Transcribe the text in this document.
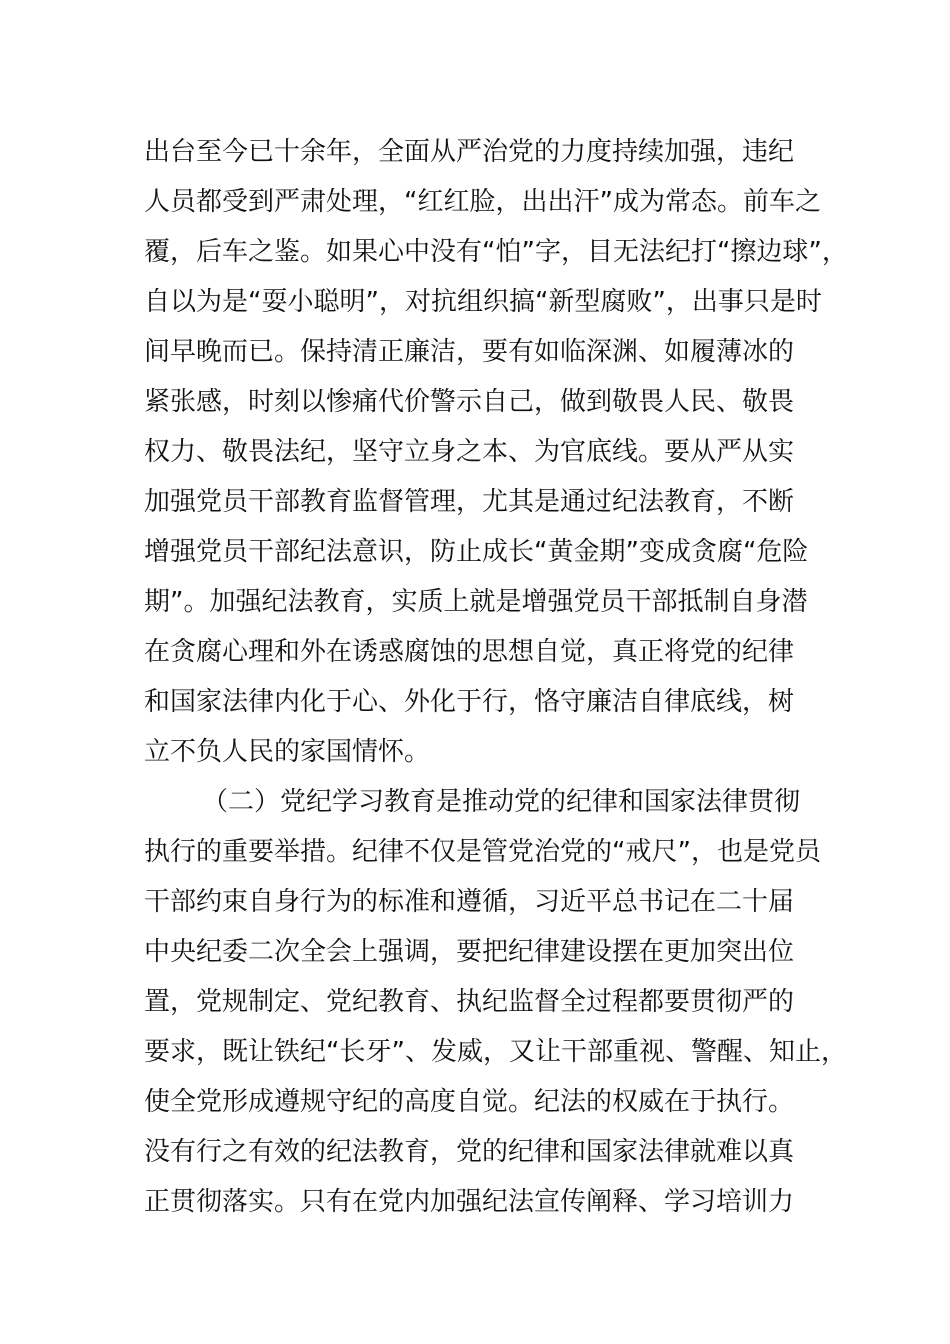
出台至今已十余年，全面从严治党的力度持续加强，违纪
人员都受到严肃处理，“红红脸，出出汗”成为常态。前车之
覆，后车之鉴。如果心中没有“怕”字，目无法纪打“擦边球”，
自以为是“耍小聪明”，对抗组织搞“新型腐败”，出事只是时
间早晚而已。保持清正廉洁，要有如临深渊、如履薄冰的
紧张感，时刻以惨痛代价警示自己，做到敬畏人民、敬畏
权力、敬畏法纪，坚守立身之本、为官底线。要从严从实
加强党员干部教育监督管理，尤其是通过纪法教育，不断
增强党员干部纪法意识，防止成长“黄金期”变成贪腐“危险
期”。加强纪法教育，实质上就是增强党员干部抵制自身潜
在贪腐心理和外在诱惑腐蚀的思想自觉，真正将党的纪律
和国家法律内化于心、外化于行，恪守廉洁自律底线，树
立不负人民的家国情怀。
（二）党纪学习教育是推动党的纪律和国家法律贯彻
执行的重要举措。纪律不仅是管党治党的“戒尺”，也是党员
干部约束自身行为的标准和遵循，习近平总书记在二十届
中央纪委二次全会上强调，要把纪律建设摆在更加突出位
置，党规制定、党纪教育、执纪监督全过程都要贯彻严的
要求，既让铁纪“长牙”、发威，又让干部重视、警醒、知止，
使全党形成遵规守纪的高度自觉。纪法的权威在于执行。
没有行之有效的纪法教育，党的纪律和国家法律就难以真
正贯彻落实。只有在党内加强纪法宣传阐释、学习培训力
